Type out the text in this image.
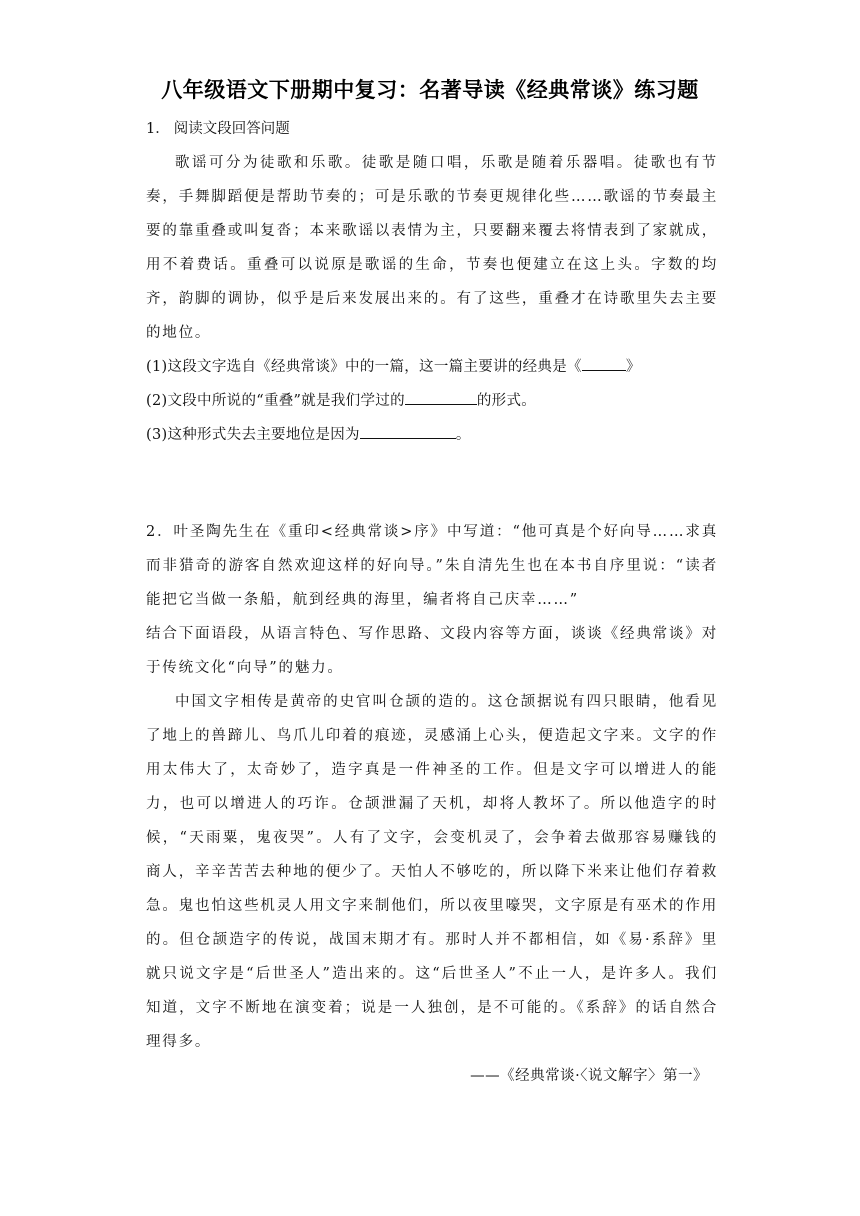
八年级语文下册期中复习：名著导读《经典常谈》练习题

1． 阅读文段回答问题

歌谣可分为徒歌和乐歌。徒歌是随口唱，乐歌是随着乐器唱。徒歌也有节奏，手舞脚蹈便是帮助节奏的；可是乐歌的节奏更规律化些……歌谣的节奏最主要的靠重叠或叫复沓；本来歌谣以表情为主，只要翻来覆去将情表到了家就成，用不着费话。重叠可以说原是歌谣的生命，节奏也便建立在这上头。字数的均齐，韵脚的调协，似乎是后来发展出来的。有了这些，重叠才在诗歌里失去主要的地位。

(1)这段文字选自《经典常谈》中的一篇，这一篇主要讲的经典是《	》

(2)文段中所说的“重叠”就是我们学过的	的形式。

(3)这种形式失去主要地位是因为	。

2．叶圣陶先生在《重印<经典常谈>序》中写道：“他可真是个好向导……求真而非猎奇的游客自然欢迎这样的好向导。”朱自清先生也在本书自序里说：“读者能把它当做一条船，航到经典的海里，编者将自己庆幸……”

结合下面语段，从语言特色、写作思路、文段内容等方面，谈谈《经典常谈》对于传统文化“向导”的魅力。

中国文字相传是黄帝的史官叫仓颉的造的。这仓颉据说有四只眼睛，他看见了地上的兽蹄儿、鸟爪儿印着的痕迹，灵感涌上心头，便造起文字来。文字的作用太伟大了，太奇妙了，造字真是一件神圣的工作。但是文字可以增进人的能力，也可以增进人的巧诈。仓颉泄漏了天机，却将人教坏了。所以他造字的时候，“天雨粟，鬼夜哭”。人有了文字，会变机灵了，会争着去做那容易赚钱的商人，辛辛苦苦去种地的便少了。天怕人不够吃的，所以降下米来让他们存着救急。鬼也怕这些机灵人用文字来制他们，所以夜里嚎哭，文字原是有巫术的作用的。但仓颉造字的传说，战国末期才有。那时人并不都相信，如《易·系辞》里就只说文字是“后世圣人”造出来的。这“后世圣人”不止一人，是许多人。我们知道，文字不断地在演变着；说是一人独创，是不可能的。《系辞》的话自然合理得多。

——《经典常谈·〈说文解字〉第一》
